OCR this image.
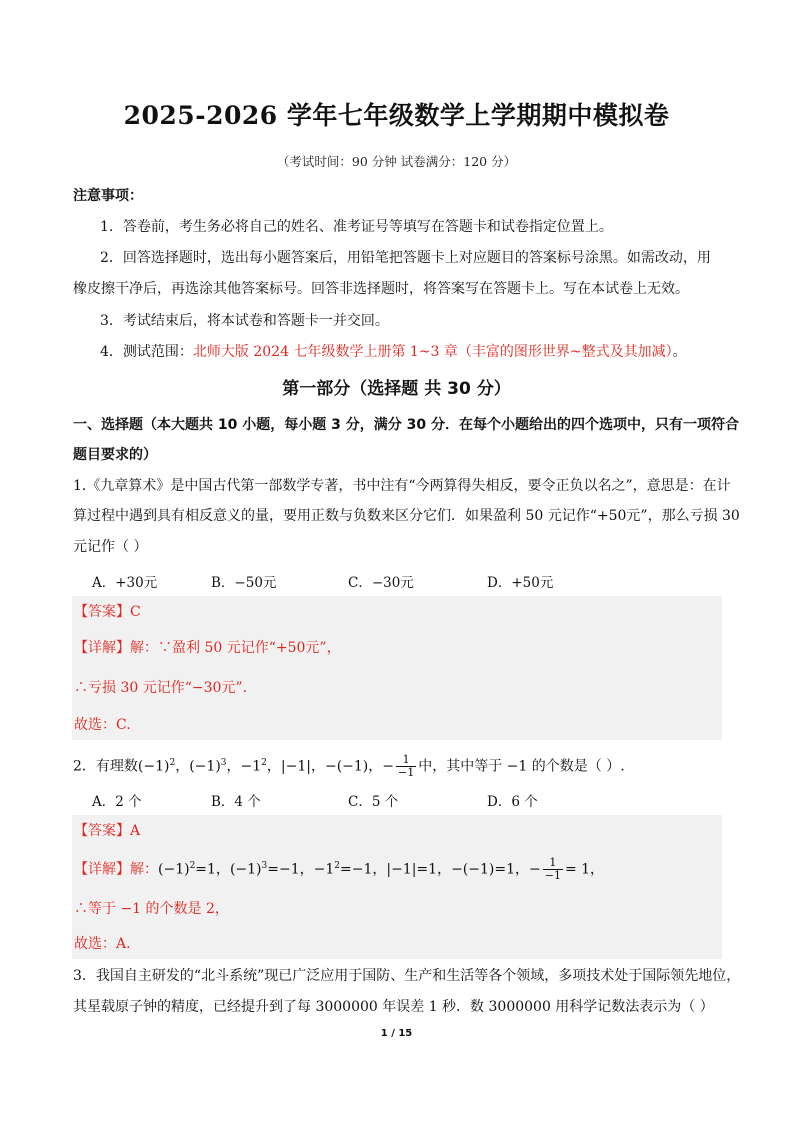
2025-2026 学年七年级数学上学期期中模拟卷
（考试时间：90 分钟 试卷满分：120 分）
注意事项：
1．答卷前，考生务必将自己的姓名、准考证号等填写在答题卡和试卷指定位置上。
2．回答选择题时，选出每小题答案后，用铅笔把答题卡上对应题目的答案标号涂黑。如需改动，用
橡皮擦干净后，再选涂其他答案标号。回答非选择题时，将答案写在答题卡上。写在本试卷上无效。
3．考试结束后，将本试卷和答题卡一并交回。
4．测试范围：北师大版 2024 七年级数学上册第 1~3 章（丰富的图形世界~整式及其加减）。
第一部分（选择题 共 30 分）
一、选择题（本大题共 10 小题，每小题 3 分，满分 30 分．在每个小题给出的四个选项中，只有一项符合
题目要求的）
1.《九章算术》是中国古代第一部数学专著，书中注有“今两算得失相反，要令正负以名之”，意思是：在计
算过程中遇到具有相反意义的量，要用正数与负数来区分它们．如果盈利 50 元记作“+50元”，那么亏损 30
元记作（ ）
A．+30元	B．−50元	C．−30元	D．+50元
【答案】C
【详解】解：∵盈利 50 元记作“+50元”，
∴亏损 30 元记作“−30元”．
故选：C.
2．有理数$(-1)^2$，$(-1)^3$，$-1^2$，|−1|，−(−1)，− $\frac{1}{-1}$ 中，其中等于 −1 的个数是（ ）.
A．2 个	B．4 个	C．5 个	D．6 个
【答案】A
【详解】解：$(-1)^2=1$，$(-1)^3=-1$，$-1^2=-1$，|−1|=1，−(−1)=1，− $\frac{1}{-1} = 1$，
∴等于 −1 的个数是 2，
故选：A.
3．我国自主研发的“北斗系统”现已广泛应用于国防、生产和生活等各个领域，多项技术处于国际领先地位，
其星载原子钟的精度，已经提升到了每 3000000 年误差 1 秒．数 3000000 用科学记数法表示为（ ）
1 / 15
